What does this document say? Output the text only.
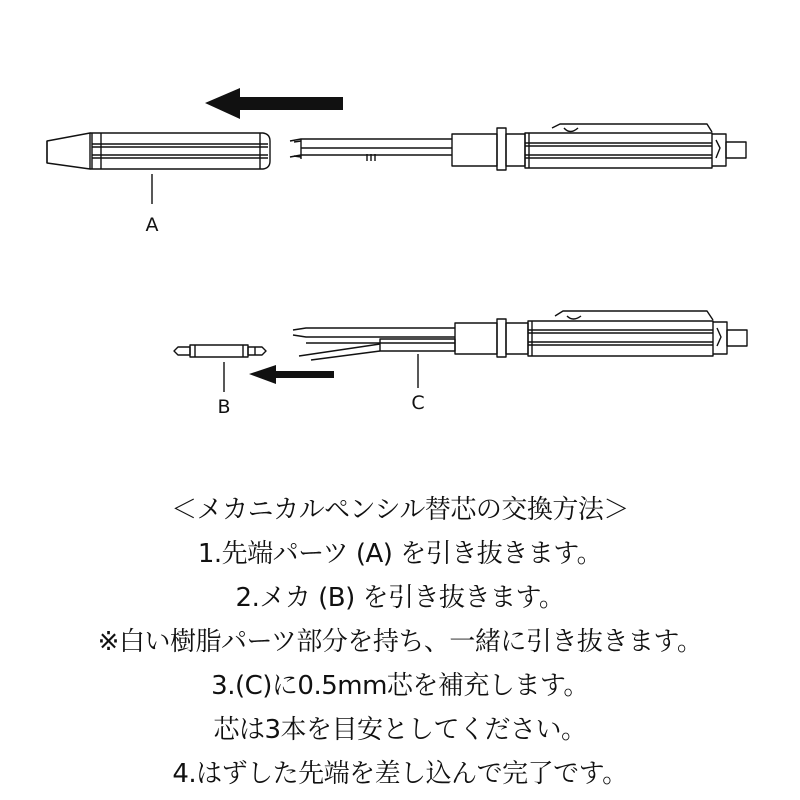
A
B	C
＜メカニカルペンシル替芯の交換方法＞
1.先端パーツ (A) を引き抜きます。
2.メカ (B) を引き抜きます。
※白い樹脂パーツ部分を持ち、一緒に引き抜きます。
3.(C)に0.5mm芯を補充します。
芯は3本を目安としてください。
4.はずした先端を差し込んで完了です。
